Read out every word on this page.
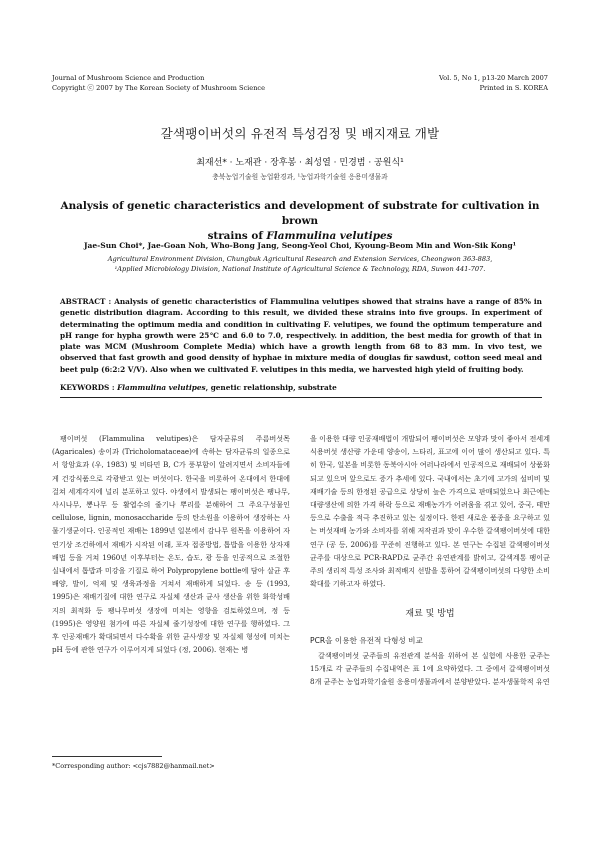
Journal of Mushroom Science and Production
Copyright ⓒ 2007 by The Korean Society of Mushroom Science
Vol. 5, No 1, p13-20 March 2007
Printed in S. KOREA
갈색팽이버섯의 유전적 특성검정 및 배지재료 개발
최재선* · 노재관 · 장후봉 · 최성열 · 민경범 · 공원식¹
충북농업기술원 농업환경과, ¹농업과학기술원 응용미생물과
Analysis of genetic characteristics and development of substrate for cultivation in brown
strains of Flammulina velutipes
Jae-Sun Choi*, Jae-Goan Noh, Who-Bong Jang, Seong-Yeol Choi, Kyoung-Beom Min and Won-Sik Kong¹
Agricultural Environment Division, Chungbuk Agricultural Research and Extension Services, Cheongwon 363-883,
¹Applied Microbiology Division, National Institute of Agricultural Science & Technology, RDA, Suwon 441-707.
ABSTRACT : Analysis of genetic characteristics of Flammulina velutipes showed that strains have a range of 85% in genetic distribution diagram. According to this result, we divided these strains into five groups. In experiment of determinating the optimum media and condition in cultivating F. velutipes, we found the optimum temperature and pH range for hypha growth were 25℃ and 6.0 to 7.0, respectively. in addition, the best media for growth of that in plate was MCM (Mushroom Complete Media) which have a growth length from 68 to 83 mm. In vivo test, we observed that fast growth and good density of hyphae in mixture media of douglas fir sawdust, cotton seed meal and beet pulp (6:2:2 V/V). Also when we cultivated F. velutipes in this media, we harvested high yield of fruiting body.
KEYWORDS : Flammulina velutipes, genetic relationship, substrate

팽이버섯 (Flammulina velutipes)은 담자균류의 주름버섯목 (Agaricales) 송이과 (Tricholomataceae)에 속하는 담자균류의 일종으로서 항암효과 (우, 1983) 및 비타민 B, C가 풍부함이 알려지면서 소비자들에게 건강식품으로 각광받고 있는 버섯이다. 한국을 비롯하여 온대에서 한대에 걸쳐 세계각지에 널리 분포하고 있다. 야생에서 발생되는 팽이버섯은 팽나무, 사시나무, 뽕나무 등 활엽수의 줄기나 뿌리를 분해하여 그 주요구성물인 cellulose, lignin, monosaccharide 등의 탄소원을 이용하여 생장하는 사물기생균이다. 인공적인 재배는 1899년 일본에서 감나무 원목을 이용하여 자연기상 조건하에서 재배가 시작된 이래, 포자 접종방법, 톱밥을 이용한 상자재배법 등을 거쳐 1960년 이후부터는 온도, 습도, 광 등을 인공적으로 조절한 실내에서 톱밥과 미강을 기질로 하여 Polypropylene bottle에 담아 살균 후 배양, 발이, 억제 및 생육과정을 거쳐서 재배하게 되었다. 송 등 (1993, 1995)은 재배기질에 대한 연구로 자실체 생산과 균사 생산을 위한 화학성배지의 최적화 등 팽나무버섯 생장에 미치는 영향을 검토하였으며, 정 등 (1995)은 영양원 첨가에 따른 자실체 줄기성장에 대한 연구를 행하였다. 그 후 인공재배가 확대되면서 다수확을 위한 균사생장 및 자실체 형성에 미치는 pH 등에 관한 연구가 이루어지게 되었다 (정, 2006). 현재는 병

을 이용한 대량 인공재배법이 개발되어 팽이버섯은 모양과 맛이 좋아서 전세계 식용버섯 생산량 가운데 양송이, 느타리, 표고에 이어 많이 생산되고 있다. 특히 한국, 일본을 비롯한 동북아시아 여러나라에서 인공적으로 재배되어 상품화되고 있으며 앞으로도 증가 추세에 있다. 국내에서는 초기에 고가의 설비비 및 재배기술 등의 한정된 공급으로 상당히 높은 가격으로 판매되었으나 최근에는 대량생산에 의한 가격 하락 등으로 재배농가가 어려움을 겪고 있어, 중국, 태만 등으로 수출을 적극 추진하고 있는 실정이다. 한편 새로운 품종을 요구하고 있는 버섯재배 농가와 소비자를 위해 저작권과 맞이 우수한 갈색팽이버섯에 대한 연구 (공 등, 2006)를 꾸준히 진행하고 있다. 본 연구는 수집된 갈색팽이버섯 균주를 대상으로 PCR-RAPD로 균주간 유연관계를 밝히고, 갈색계통 팽이균주의 생리적 특성 조사와 최적배지 선발을 통하여 갈색팽이버섯의 다양한 소비 확대를 기하고자 하였다.

재료 및 방법
PCR을 이용한 유전적 다형성 비교

갈색팽이버섯 균주들의 유전관계 분석을 위하여 본 실험에 사용한 균주는 15개로 각 균주들의 수집내역은 표 1에 요약하였다. 그 중에서 갈색팽이버섯 8개 균주는 농업과학기술원 응용미생물과에서 분양받았다. 분자생물학적 유연

*Corresponding author: <cjs7882@hanmail.net>
